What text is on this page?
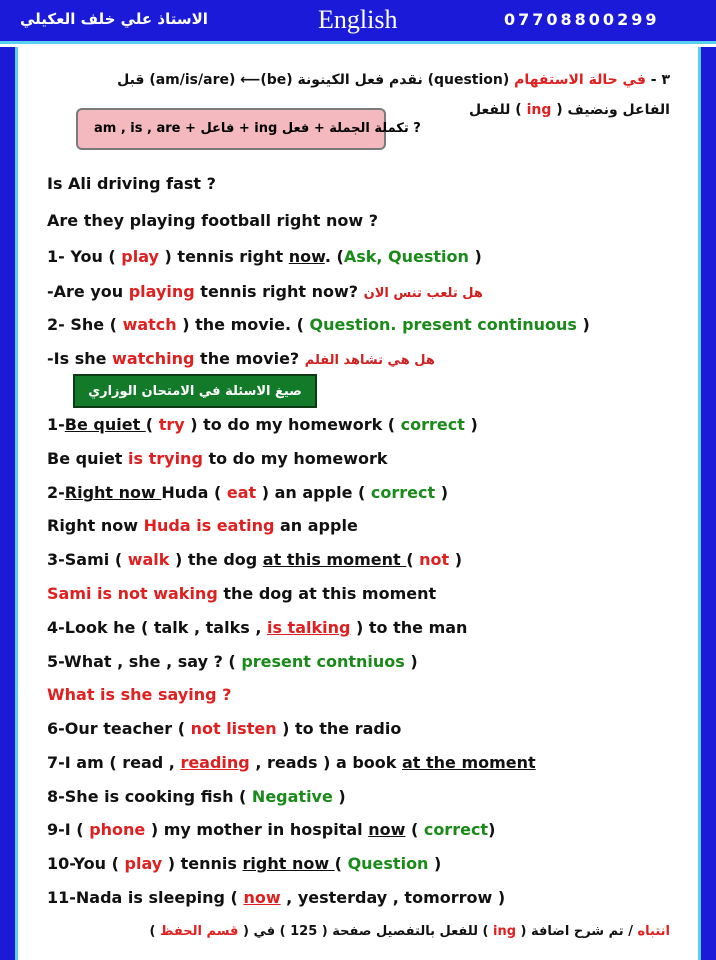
الاستاذ علي خلف العكيلي	English	07708800299
٣ - في حالة الاستفهام (question) نقدم فعل الكينونة (be)⟵ (am/is/are) قبل
الفاعل ونضيف ( ing ) للفعل
am , is , are	? تكملة الجملة + فعل ing + فاعل +
Is Ali driving fast ?
Are they playing football right now ?
1- You ( play ) tennis right now. (Ask, Question )
-Are you playing tennis right now? هل تلعب تنس الان
2- She ( watch ) the movie. ( Question. present continuous )
-Is she watching the movie? هل هي تشاهد الفلم
صيغ الاسئلة في الامتحان الوزاري
1-Be quiet ( try ) to do my homework ( correct )
Be quiet is trying to do my homework
2-Right now Huda ( eat ) an apple ( correct )
Right now Huda is eating an apple
3-Sami ( walk ) the dog at this moment ( not )
Sami is not waking the dog at this moment
4-Look he ( talk , talks , is talking ) to the man
5-What , she , say ? ( present contniuos )
What is she saying ?
6-Our teacher ( not listen ) to the radio
7-I am ( read , reading , reads ) a book at the moment
8-She is cooking fish ( Negative )
9-I ( phone ) my mother in hospital now ( correct)
10-You ( play ) tennis right now ( Question )
11-Nada is sleeping ( now , yesterday , tomorrow )
انتباه / تم شرح اضافة ( ing ) للفعل بالتفصيل صفحة ( 125 ) في ( قسم الحفظ )
